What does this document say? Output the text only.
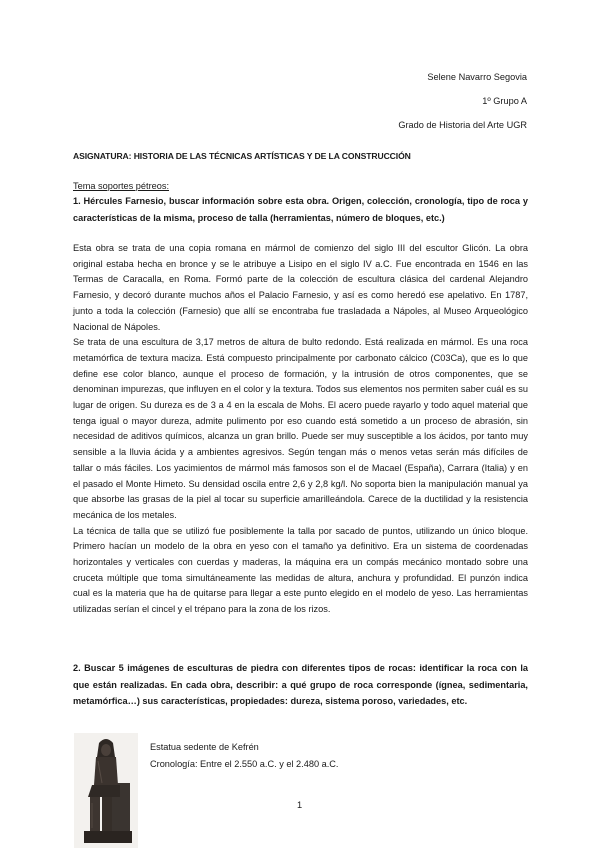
Selene Navarro Segovia
1º Grupo A
Grado de Historia del Arte UGR
ASIGNATURA: HISTORIA DE LAS TÉCNICAS ARTÍSTICAS Y DE LA CONSTRUCCIÓN
Tema soportes pétreos:
1. Hércules Farnesio, buscar información sobre esta obra. Origen, colección, cronología, tipo de roca y características de la misma, proceso de talla (herramientas, número de bloques, etc.)

Esta obra se trata de una copia romana en mármol de comienzo del siglo III del escultor Glicón. La obra original estaba hecha en bronce y se le atribuye a Lisipo en el siglo IV a.C. Fue encontrada en 1546 en las Termas de Caracalla, en Roma. Formó parte de la colección de escultura clásica del cardenal Alejandro Farnesio, y decoró durante muchos años el Palacio Farnesio, y así es como heredó ese apelativo. En 1787, junto a toda la colección (Farnesio) que allí se encontraba fue trasladada a Nápoles, al Museo Arqueológico Nacional de Nápoles.

Se trata de una escultura de 3,17 metros de altura de bulto redondo. Está realizada en mármol. Es una roca metamórfica de textura maciza. Está compuesto principalmente por carbonato cálcico (C03Ca), que es lo que define ese color blanco, aunque el proceso de formación, y la intrusión de otros componentes, que se denominan impurezas, que influyen en el color y la textura. Todos sus elementos nos permiten saber cuál es su lugar de origen. Su dureza es de 3 a 4 en la escala de Mohs. El acero puede rayarlo y todo aquel material que tenga igual o mayor dureza, admite pulimento por eso cuando está sometido a un proceso de abrasión, sin necesidad de aditivos químicos, alcanza un gran brillo. Puede ser muy susceptible a los ácidos, por tanto muy sensible a la lluvia ácida y a ambientes agresivos. Según tengan más o menos vetas serán más difíciles de tallar o más fáciles. Los yacimientos de mármol más famosos son el de Macael (España), Carrara (Italia) y en el pasado el Monte Himeto. Su densidad oscila entre 2,6 y 2,8 kg/l. No soporta bien la manipulación manual ya que absorbe las grasas de la piel al tocar su superficie amarilleándola. Carece de la ductilidad y la resistencia mecánica de los metales.

La técnica de talla que se utilizó fue posiblemente la talla por sacado de puntos, utilizando un único bloque. Primero hacían un modelo de la obra en yeso con el tamaño ya definitivo. Era un sistema de coordenadas horizontales y verticales con cuerdas y maderas, la máquina era un compás mecánico montado sobre una cruceta múltiple que toma simultáneamente las medidas de altura, anchura y profundidad. El punzón indica cual es la materia que ha de quitarse para llegar a este punto elegido en el modelo de yeso. Las herramientas utilizadas serían el cincel y el trépano para la zona de los rizos.

2. Buscar 5 imágenes de esculturas de piedra con diferentes tipos de rocas: identificar la roca con la que están realizadas. En cada obra, describir: a qué grupo de roca corresponde (ígnea, sedimentaria, metamórfica…) sus características, propiedades: dureza, sistema poroso, variedades, etc.
Estatua sedente de Kefrén
Cronología: Entre el 2.550 a.C. y el 2.480 a.C.
1
